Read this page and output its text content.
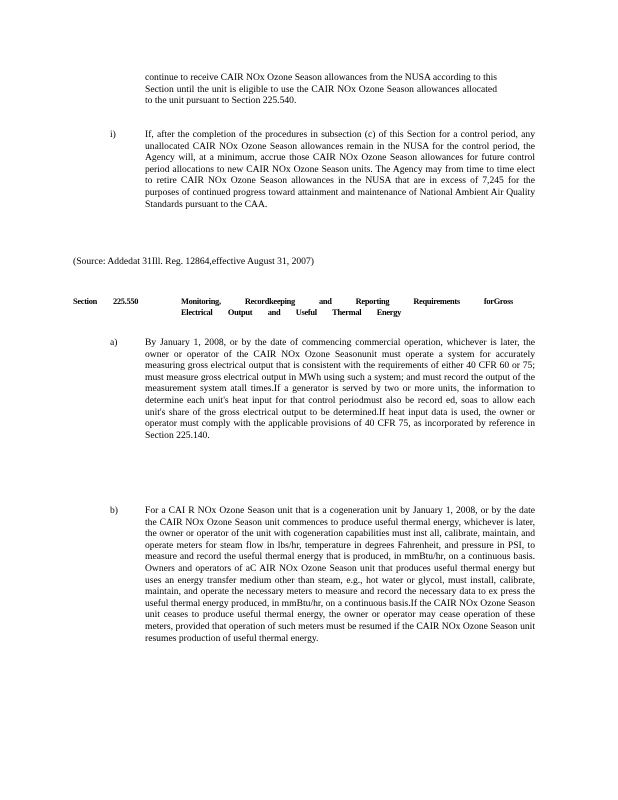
continue to receive CAIR NOx Ozone Season allowances from the NUSA according to this Section until the unit is eligible to use the CAIR NOx Ozone Season allowances allocated to the unit pursuant to Section 225.540.

i)	If, after the completion of the procedures in subsection (c) of this Section for a control period, any unallocated CAIR NOx Ozone Season allowances remain in the NUSA for the control period, the Agency will, at a minimum, accrue those CAIR NOx Ozone Season allowances for future control period allocations to new CAIR NOx Ozone Season units. The Agency may from time to time elect to retire CAIR NOx Ozone Season allowances in the NUSA that are in excess of 7,245 for the purposes of continued progress toward attainment and maintenance of National Ambient Air Quality Standards pursuant to the CAA.

(Source: Addedat 31Ill. Reg. 12864,effective August 31, 2007)
Section 225.550	Monitoring, Recordkeeping and Reporting Requirements forGross
Electrical Output and Useful Thermal Energy
a)	By January 1, 2008, or by the date of commencing commercial operation, whichever is later, the owner or operator of the CAIR NOx Ozone Seasonunit must operate a system for accurately measuring gross electrical output that is consistent with the requirements of either 40 CFR 60 or 75; must measure gross electrical output in MWh using such a system; and must record the output of the measurement system atall times.If a generator is served by two or more units, the information to determine each unit's heat input for that control periodmust also be record ed, soas to allow each unit's share of the gross electrical output to be determined.If heat input data is used, the owner or operator must comply with the applicable provisions of 40 CFR 75, as incorporated by reference in Section 225.140.

b)	For a CAI R NOx Ozone Season unit that is a cogeneration unit by January 1, 2008, or by the date the CAIR NOx Ozone Season unit commences to produce useful thermal energy, whichever is later, the owner or operator of the unit with cogeneration capabilities must inst all, calibrate, maintain, and operate meters for steam flow in lbs/hr, temperature in degrees Fahrenheit, and pressure in PSI, to measure and record the useful thermal energy that is produced, in mmBtu/hr, on a continuous basis. Owners and operators of aC AIR NOx Ozone Season unit that produces useful thermal energy but uses an energy transfer medium other than steam, e.g., hot water or glycol, must install, calibrate, maintain, and operate the necessary meters to measure and record the necessary data to ex press the useful thermal energy produced, in mmBtu/hr, on a continuous basis.If the CAIR NOx Ozone Season unit ceases to produce useful thermal energy, the owner or operator may cease operation of these meters, provided that operation of such meters must be resumed if the CAIR NOx Ozone Season unit resumes production of useful thermal energy.
